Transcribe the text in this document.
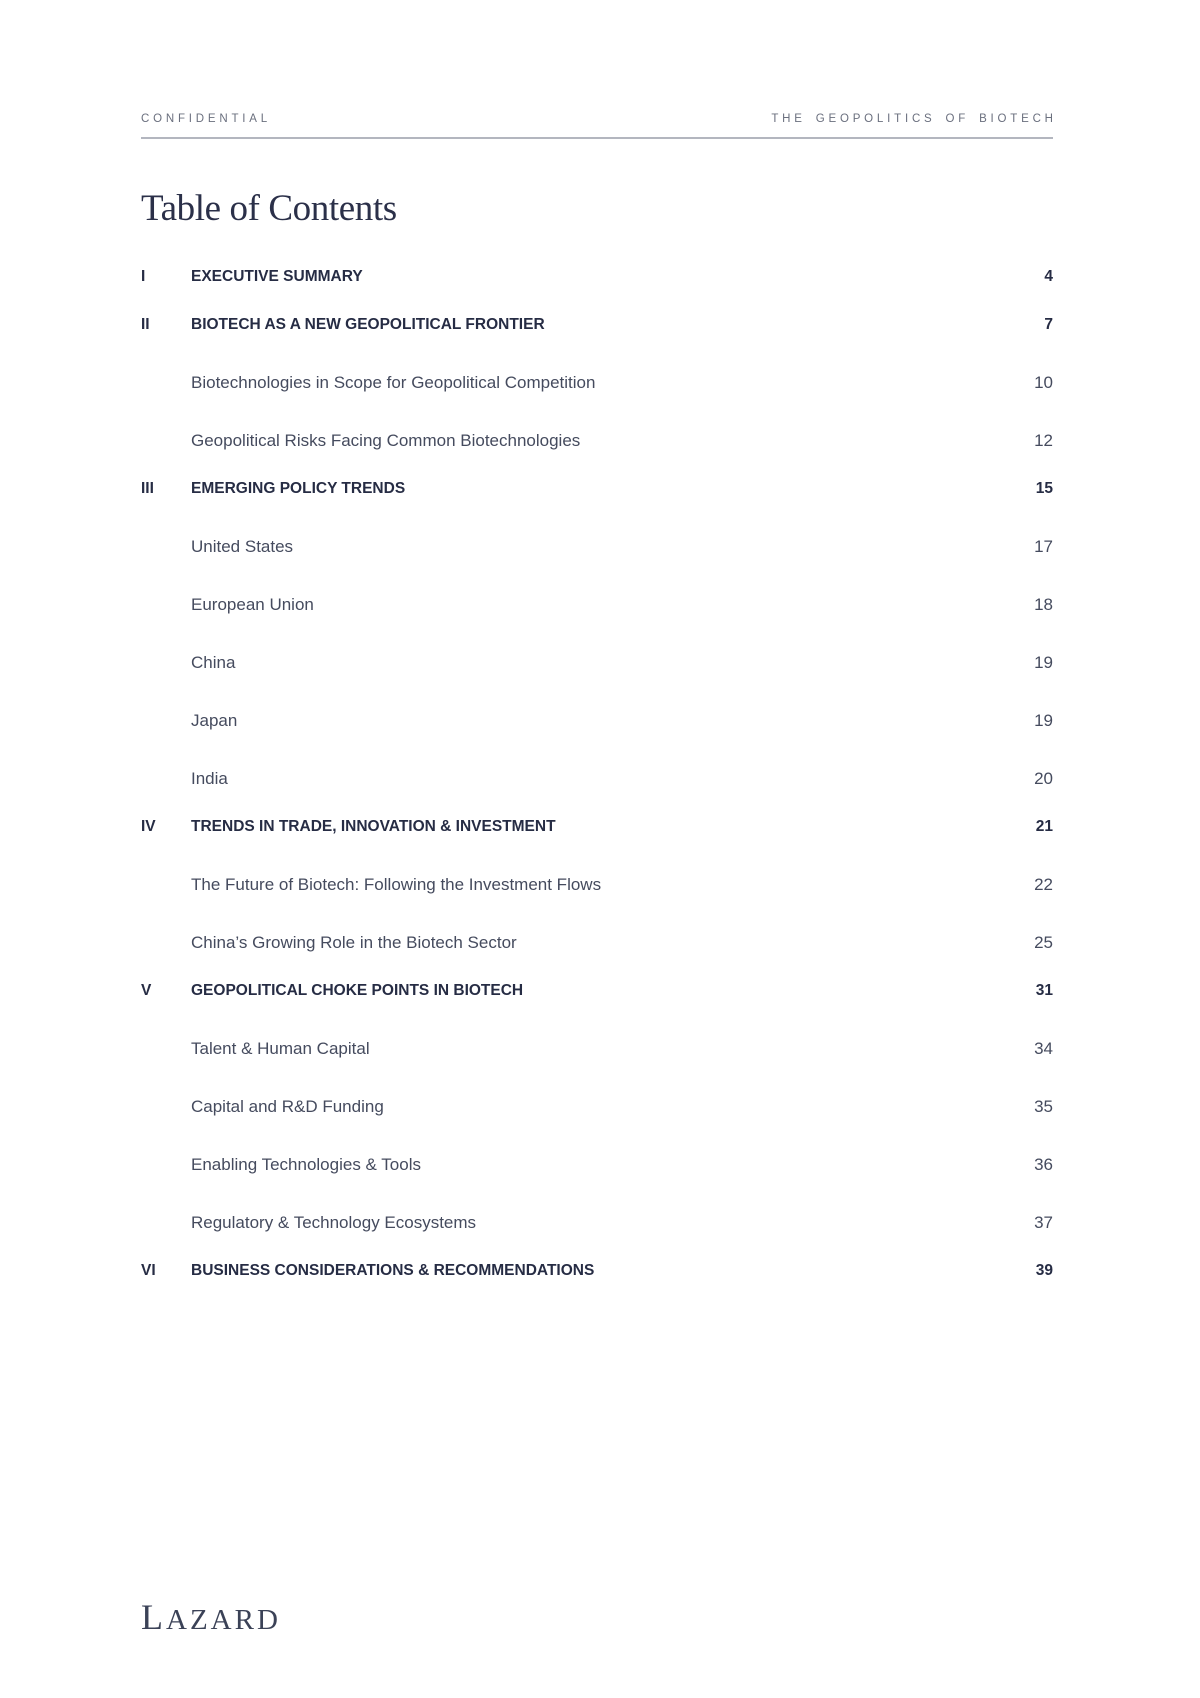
CONFIDENTIAL	THE GEOPOLITICS OF BIOTECH
Table of Contents
I	EXECUTIVE SUMMARY	4
II	BIOTECH AS A NEW GEOPOLITICAL FRONTIER	7
Biotechnologies in Scope for Geopolitical Competition	10
Geopolitical Risks Facing Common Biotechnologies	12
III	EMERGING POLICY TRENDS	15
United States	17
European Union	18
China	19
Japan	19
India	20
IV	TRENDS IN TRADE, INNOVATION & INVESTMENT	21
The Future of Biotech: Following the Investment Flows	22
China’s Growing Role in the Biotech Sector	25
V	GEOPOLITICAL CHOKE POINTS IN BIOTECH	31
Talent & Human Capital	34
Capital and R&D Funding	35
Enabling Technologies & Tools	36
Regulatory & Technology Ecosystems	37
VI	BUSINESS CONSIDERATIONS & RECOMMENDATIONS	39
LAZARD
